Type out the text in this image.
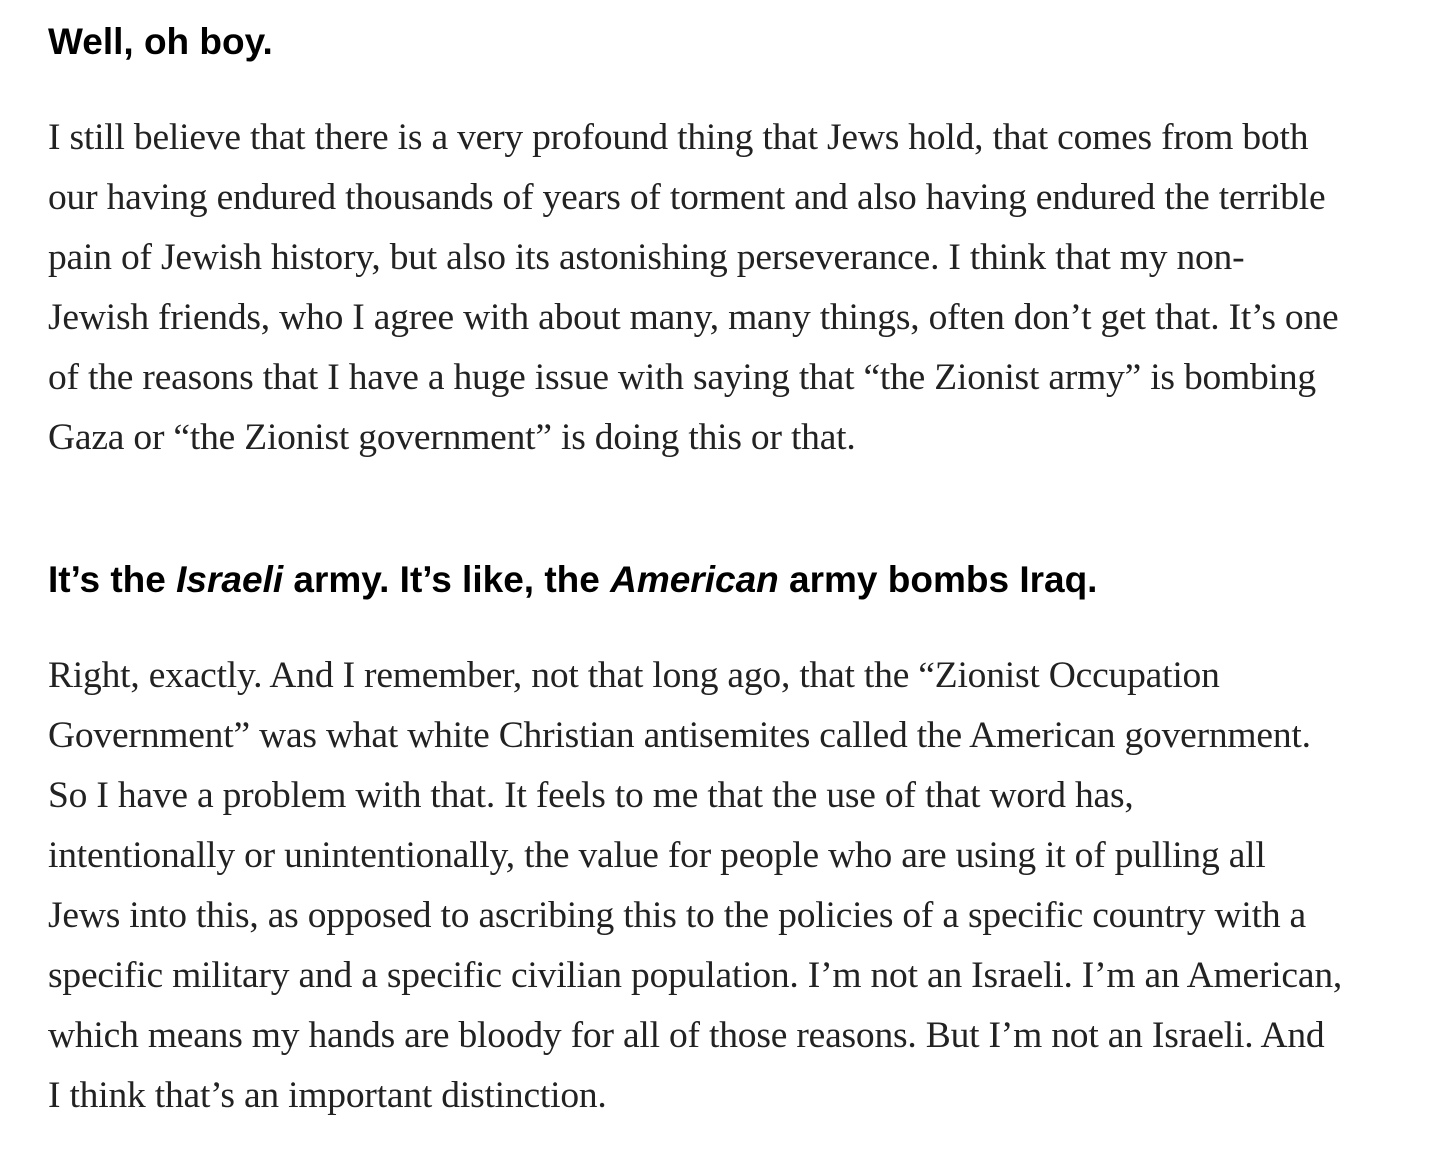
Well, oh boy.

I still believe that there is a very profound thing that Jews hold, that comes from both
our having endured thousands of years of torment and also having endured the terrible
pain of Jewish history, but also its astonishing perseverance. I think that my non-
Jewish friends, who I agree with about many, many things, often don’t get that. It’s one
of the reasons that I have a huge issue with saying that “the Zionist army” is bombing
Gaza or “the Zionist government” is doing this or that.

It’s the Israeli army. It’s like, the American army bombs Iraq.

Right, exactly. And I remember, not that long ago, that the “Zionist Occupation
Government” was what white Christian antisemites called the American government.
So I have a problem with that. It feels to me that the use of that word has,
intentionally or unintentionally, the value for people who are using it of pulling all
Jews into this, as opposed to ascribing this to the policies of a specific country with a
specific military and a specific civilian population. I’m not an Israeli. I’m an American,
which means my hands are bloody for all of those reasons. But I’m not an Israeli. And
I think that’s an important distinction.
